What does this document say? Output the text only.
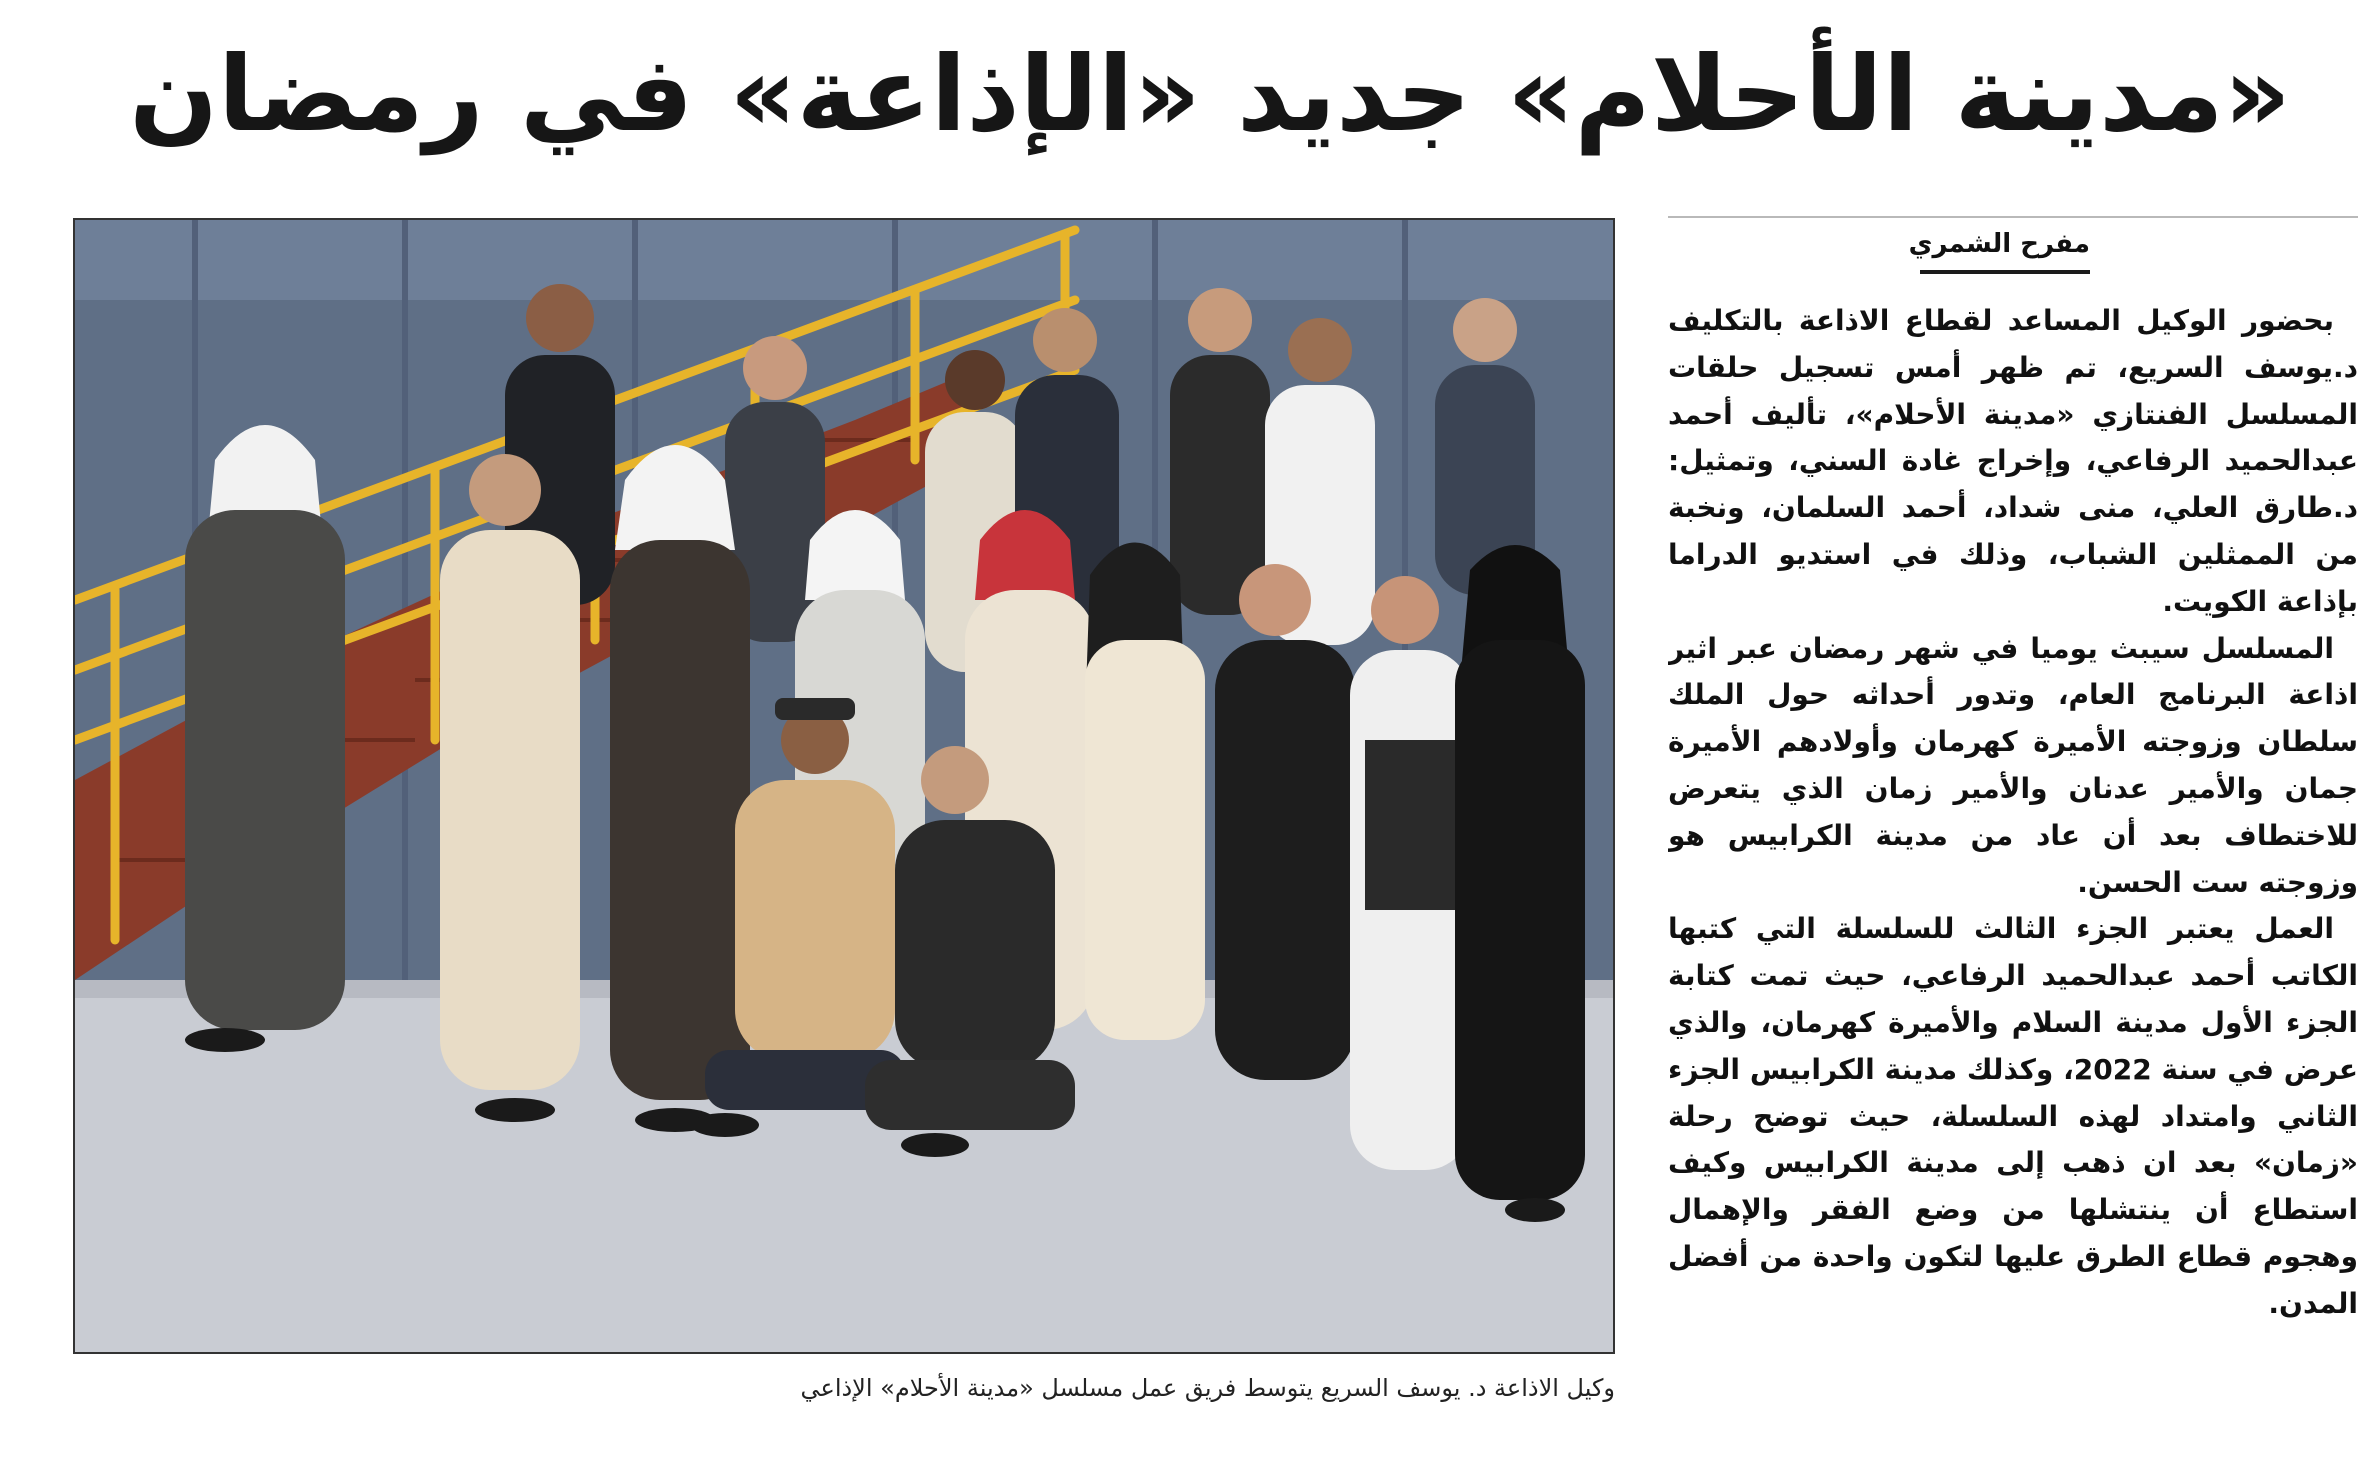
«مدينة الأحلام» جديد «الإذاعة» في رمضان
مفرح الشمري

بحضور الوكيل المساعد لقطاع الاذاعة بالتكليف د.يوسف السريع، تم ظهر أمس تسجيل حلقات المسلسل الفنتازي «مدينة الأحلام»، تأليف أحمد عبدالحميد الرفاعي، وإخراج غادة السني، وتمثيل: د.طارق العلي، منى شداد، أحمد السلمان، ونخبة من الممثلين الشباب، وذلك في استديو الدراما بإذاعة الكويت.

المسلسل سيبث يوميا في شهر رمضان عبر اثير اذاعة البرنامج العام، وتدور أحداثه حول الملك سلطان وزوجته الأميرة كهرمان وأولادهم الأميرة جمان والأمير عدنان والأمير زمان الذي يتعرض للاختطاف بعد أن عاد من مدينة الكرابيس هو وزوجته ست الحسن.

العمل يعتبر الجزء الثالث للسلسلة التي كتبها الكاتب أحمد عبدالحميد الرفاعي، حيث تمت كتابة الجزء الأول مدينة السلام والأميرة كهرمان، والذي عرض في سنة 2022، وكذلك مدينة الكرابيس الجزء الثاني وامتداد لهذه السلسلة، حيث توضح رحلة «زمان» بعد ان ذهب إلى مدينة الكرابيس وكيف استطاع أن ينتشلها من وضع الفقر والإهمال وهجوم قطاع الطرق عليها لتكون واحدة من أفضل المدن.

وكيل الاذاعة د. يوسف السريع يتوسط فريق عمل مسلسل «مدينة الأحلام» الإذاعي
